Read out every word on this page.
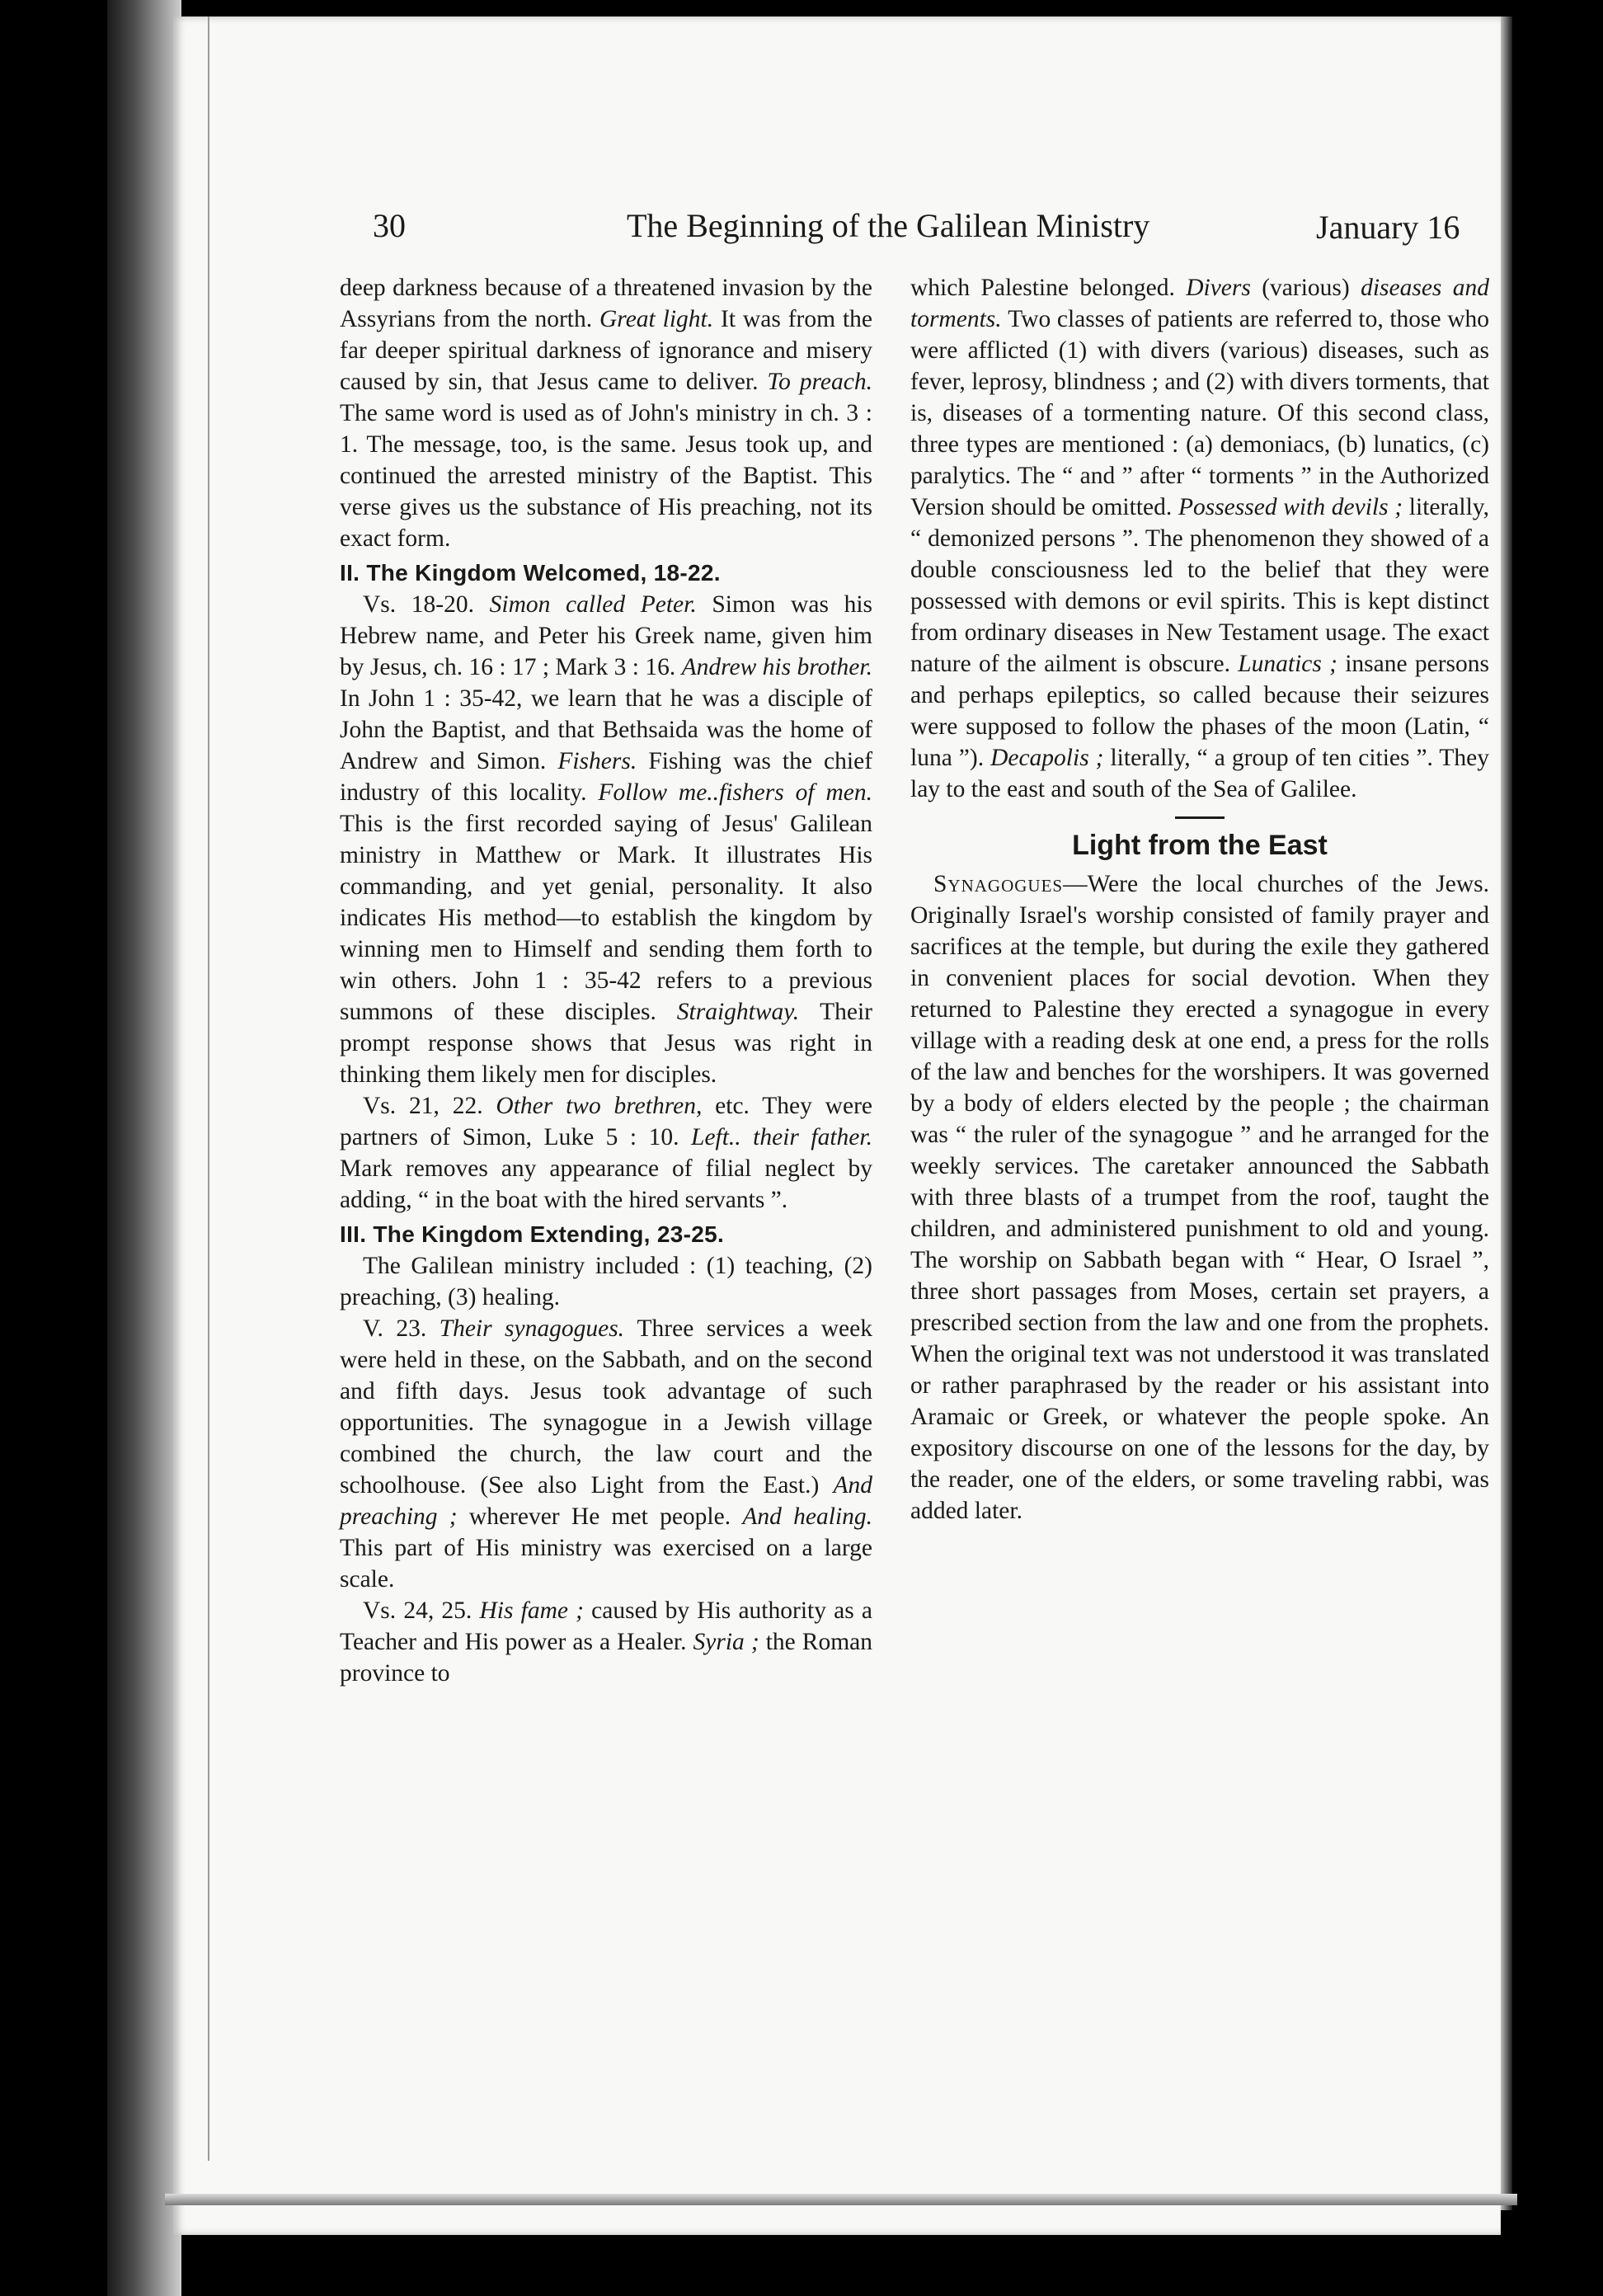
30	The Beginning of the Galilean Ministry	January 16

deep darkness because of a threatened invasion by the Assyrians from the north. Great light. It was from the far deeper spiritual darkness of ignorance and misery caused by sin, that Jesus came to deliver. To preach. The same word is used as of John's ministry in ch. 3 : 1. The message, too, is the same. Jesus took up, and continued the arrested ministry of the Baptist. This verse gives us the substance of His preaching, not its exact form.

II. The Kingdom Welcomed, 18-22.

Vs. 18-20. Simon called Peter. Simon was his Hebrew name, and Peter his Greek name, given him by Jesus, ch. 16 : 17 ; Mark 3 : 16. Andrew his brother. In John 1 : 35-42, we learn that he was a disciple of John the Baptist, and that Bethsaida was the home of Andrew and Simon. Fishers. Fishing was the chief industry of this locality. Follow me..fishers of men. This is the first recorded saying of Jesus' Galilean ministry in Matthew or Mark. It illustrates His commanding, and yet genial, personality. It also indicates His method—to establish the kingdom by winning men to Himself and sending them forth to win others. John 1 : 35-42 refers to a previous summons of these disciples. Straightway. Their prompt response shows that Jesus was right in thinking them likely men for disciples.

Vs. 21, 22. Other two brethren, etc. They were partners of Simon, Luke 5 : 10. Left.. their father. Mark removes any appearance of filial neglect by adding, “ in the boat with the hired servants ”.

III. The Kingdom Extending, 23-25.

The Galilean ministry included : (1) teaching, (2) preaching, (3) healing.

V. 23. Their synagogues. Three services a week were held in these, on the Sabbath, and on the second and fifth days. Jesus took advantage of such opportunities. The synagogue in a Jewish village combined the church, the law court and the schoolhouse. (See also Light from the East.) And preaching ; wherever He met people. And healing. This part of His ministry was exercised on a large scale.

Vs. 24, 25. His fame ; caused by His authority as a Teacher and His power as a Healer. Syria ; the Roman province to

which Palestine belonged. Divers (various) diseases and torments. Two classes of patients are referred to, those who were afflicted (1) with divers (various) diseases, such as fever, leprosy, blindness ; and (2) with divers torments, that is, diseases of a tormenting nature. Of this second class, three types are mentioned : (a) demoniacs, (b) lunatics, (c) paralytics. The “ and ” after “ torments ” in the Authorized Version should be omitted. Possessed with devils ; literally, “ demonized persons ”. The phenomenon they showed of a double consciousness led to the belief that they were possessed with demons or evil spirits. This is kept distinct from ordinary diseases in New Testament usage. The exact nature of the ailment is obscure. Lunatics ; insane persons and perhaps epileptics, so called because their seizures were supposed to follow the phases of the moon (Latin, “ luna ”). Decapolis ; literally, “ a group of ten cities ”. They lay to the east and south of the Sea of Galilee.

Light from the East

Synagogues—Were the local churches of the Jews. Originally Israel's worship consisted of family prayer and sacrifices at the temple, but during the exile they gathered in convenient places for social devotion. When they returned to Palestine they erected a synagogue in every village with a reading desk at one end, a press for the rolls of the law and benches for the worshipers. It was governed by a body of elders elected by the people ; the chairman was “ the ruler of the synagogue ” and he arranged for the weekly services. The caretaker announced the Sabbath with three blasts of a trumpet from the roof, taught the children, and administered punishment to old and young. The worship on Sabbath began with “ Hear, O Israel ”, three short passages from Moses, certain set prayers, a prescribed section from the law and one from the prophets. When the original text was not understood it was translated or rather paraphrased by the reader or his assistant into Aramaic or Greek, or whatever the people spoke. An expository discourse on one of the lessons for the day, by the reader, one of the elders, or some traveling rabbi, was added later.
